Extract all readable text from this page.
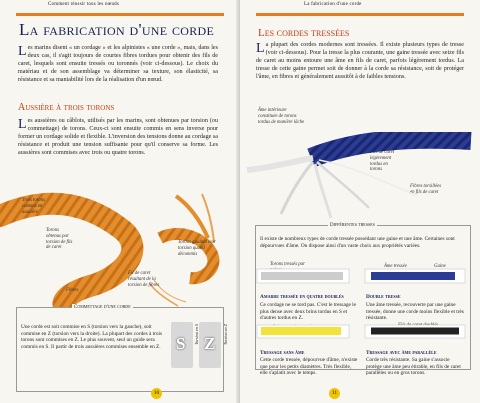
Comment réussir tous les nœuds
La fabrication d'une corde
L es marins disent « un cordage » et les alpinistes « une corde », mais, dans les deux cas, il s'agit toujours de courtes fibres tordues pour obtenir des fils de caret, lesquels sont ensuite tressés ou toronnés (voir ci-dessous). Le choix du matériau et de son assemblage va déterminer sa texture, son élasticité, sa résistance et sa maniabilité lors de la réalisation d'un nœud.
Aussière à trois torons
L es aussières ou câblots, utilisés par les marins, sont obtenues par torsion (ou commettage) de torons. Ceux-ci sont ensuite commis en sens inverse pour former un cordage solide et flexible. L'inversion des tensions donne au cordage sa résistance et produit une tension suffisante pour qu'il conserve sa forme. Les aussières sont commises avec trois ou quatre torons.
Trois torons commis en aussière
Torons obtenus par torsion de fils de caret
Torons guidant leur torsion quand décommis
Fil de caret résultant de la torsion de fibres
Fibres
Commettage d'une corde
Une corde est soit commise en S (torsion vers la gauche), soit commise en Z (torsion vers la droite). La plupart des cordes à trois torons sont commises en Z. Le plus souvent, seul un guide sera commis en S. Il partir de trois aussières commises ensemble en Z. S Torsion en S Z Torsion en Z
10
La fabrication d'une corde
Les cordes tressées
L a plupart des cordes modernes sont tressées. Il existe plusieurs types de tresse (voir ci-dessous). Pour la tresse la plus courante, une gaine tressée avec seize fils de caret au moins entoure une âme en fils de caret, parfois légèrement tordus. La tresse de cette gaine permet soit de donner à la corde sa résistance, soit de protéger l'âme, en fibres et généralement aussitôt à de faibles tensions.
Âme intérieure constituée de torons tordus de manière lâche
Torons tressés en gaine
Fils de caret légèrement tordus en torons
Fibres torsillées en fils de caret
Différentes tresses
Il existe de nombreux types de corde tressée possédant une gaine et une âme. Certaines sont dépourvues d'âme. On dispose ainsi d'un vaste choix aux propriétés variées.
Torons tressés par	Âme tressée	Gaine
Amarre tressée en quatre doublés
Ce cordage ne se tord pas. C'est le tressage le plus dense avec deux brins tordus en S et d'autres tordus en Z.
Double tresse
Une âme tressée, recouverte par une gaine tressée, donne une corde moins flexible et très résistante.
Tressage sans âme
Cette corde tressée, dépourvue d'âme, n'existe que pour les petits diamètres. Très flexible, elle s'aplatit avec le temps.
Tressage avec âme parallèle
Corde très résistante. Sa gaine s'associe protège une âme peu étirable, en fils de caret parallèles ou en gros torons.
11
